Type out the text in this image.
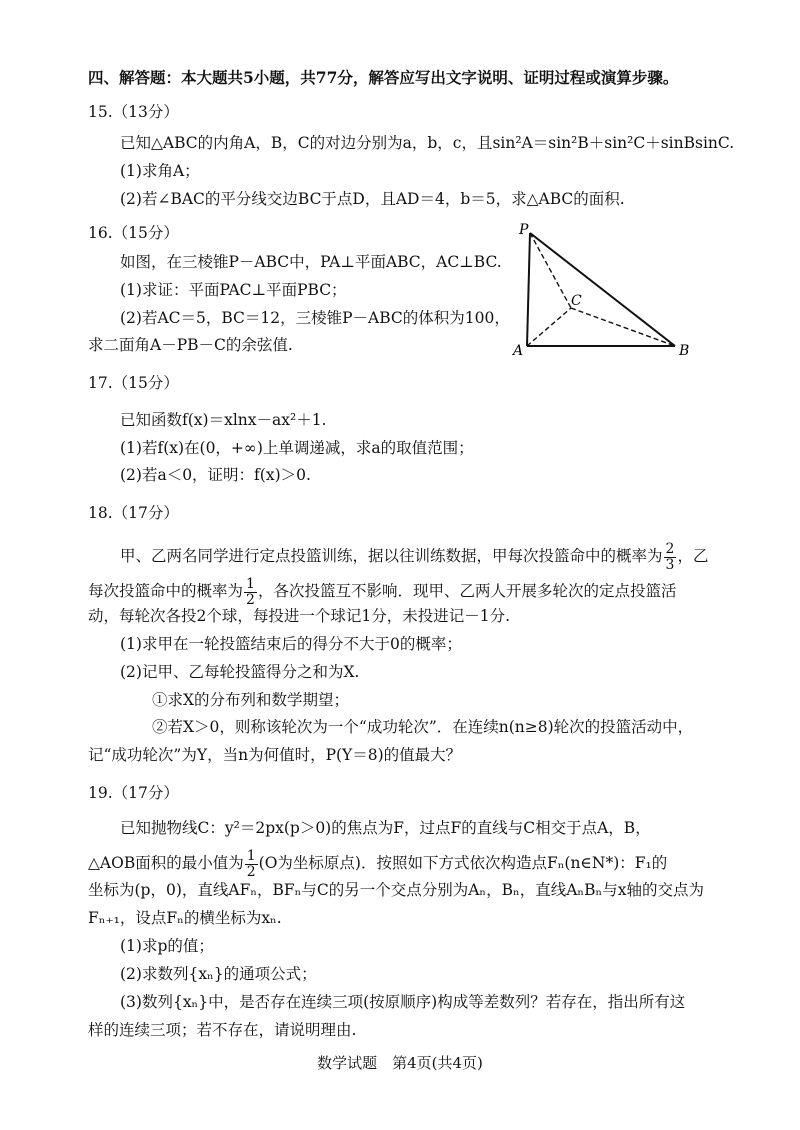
四、解答题：本大题共5小题，共77分，解答应写出文字说明、证明过程或演算步骤。
15.（13分）
已知△ABC的内角A，B，C的对边分别为a，b，c，且sin²A＝sin²B＋sin²C＋sinBsinC.
(1)求角A；
(2)若∠BAC的平分线交边BC于点D，且AD＝4，b＝5，求△ABC的面积.
16.（15分）
如图，在三棱锥P－ABC中，PA⊥平面ABC，AC⊥BC.
(1)求证：平面PAC⊥平面PBC；
(2)若AC＝5，BC＝12，三棱锥P－ABC的体积为100，
求二面角A－PB－C的余弦值.
P
C
A	B
17.（15分）
已知函数f(x)＝xlnx－ax²＋1.
(1)若f(x)在(0，+∞)上单调递减，求a的取值范围；
(2)若a＜0，证明：f(x)＞0.
18.（17分）
甲、乙两名同学进行定点投篮训练，据以往训练数据，甲每次投篮命中的概率为 $\frac{2}{3}$ ，乙
每次投篮命中的概率为 $\frac{1}{2}$ ，各次投篮互不影响．现甲、乙两人开展多轮次的定点投篮活
动，每轮次各投2个球，每投进一个球记1分，未投进记－1分.
(1)求甲在一轮投篮结束后的得分不大于0的概率；
(2)记甲、乙每轮投篮得分之和为X.
①求X的分布列和数学期望；
②若X＞0，则称该轮次为一个“成功轮次”．在连续n(n≥8)轮次的投篮活动中，
记“成功轮次”为Y，当n为何值时，P(Y＝8)的值最大？
19.（17分）
已知抛物线C：y²＝2px(p＞0)的焦点为F，过点F的直线与C相交于点A，B，
△AOB面积的最小值为 $\frac{1}{2} (O$为坐标原点)．按照如下方式依次构造点Fₙ(n∈N*)：F₁的
坐标为(p，0)，直线AFₙ，BFₙ与C的另一个交点分别为Aₙ，Bₙ，直线AₙBₙ与x轴的交点为
Fₙ₊₁，设点Fₙ的横坐标为xₙ.
(1)求p的值；
(2)求数列{xₙ}的通项公式；
(3)数列{xₙ}中，是否存在连续三项(按原顺序)构成等差数列？若存在，指出所有这
样的连续三项；若不存在，请说明理由.
数学试题　第4页(共4页)
